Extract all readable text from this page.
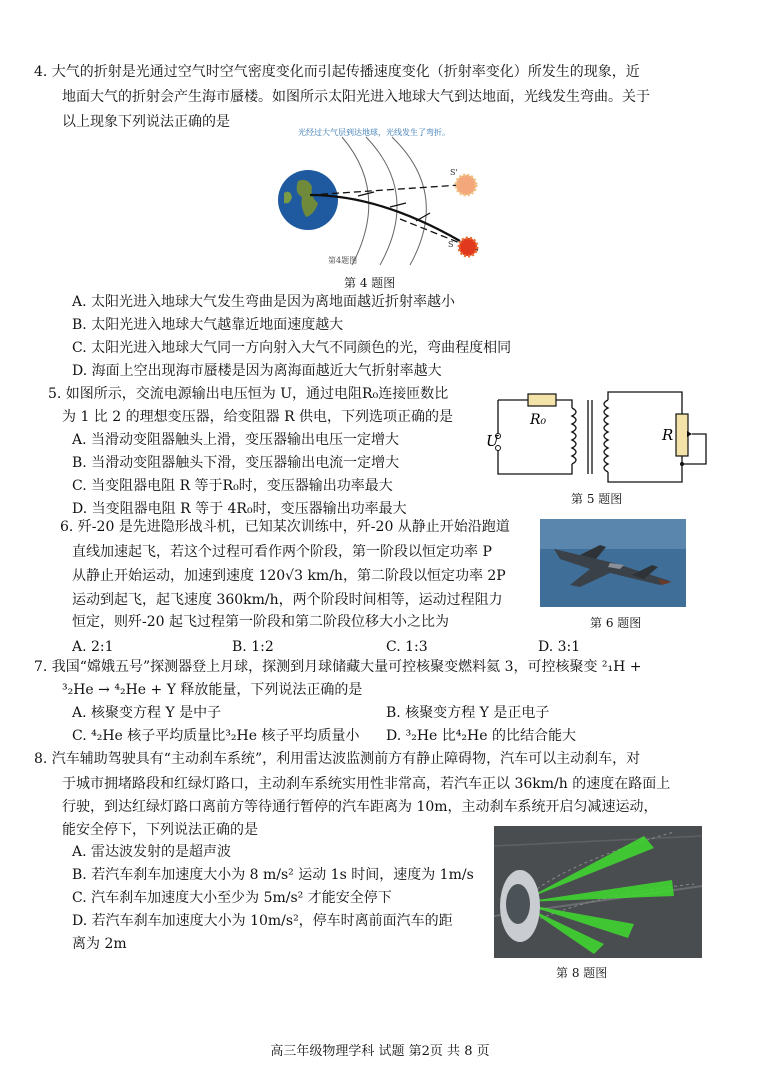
4. 大气的折射是光通过空气时空气密度变化而引起传播速度变化（折射率变化）所发生的现象，近
地面大气的折射会产生海市蜃楼。如图所示太阳光进入地球大气到达地面，光线发生弯曲。关于
以上现象下列说法正确的是
光经过大气层到达地球，光线发生了弯折。
S'
S
第4题图
第 4 题图
A. 太阳光进入地球大气发生弯曲是因为离地面越近折射率越小
B. 太阳光进入地球大气越靠近地面速度越大
C. 太阳光进入地球大气同一方向射入大气不同颜色的光，弯曲程度相同
D. 海面上空出现海市蜃楼是因为离海面越近大气折射率越大
5. 如图所示，交流电源输出电压恒为 U，通过电阻R₀连接匝数比
为 1 比 2 的理想变压器，给变阻器 R 供电，下列选项正确的是
A. 当滑动变阻器触头上滑，变压器输出电压一定增大
B. 当滑动变阻器触头下滑，变压器输出电流一定增大
C. 当变阻器电阻 R 等于R₀时，变压器输出功率最大
D. 当变阻器电阻 R 等于 4R₀时，变压器输出功率最大
R₀
U	R
第 5 题图
6. 歼-20 是先进隐形战斗机，已知某次训练中，歼-20 从静止开始沿跑道
直线加速起飞，若这个过程可看作两个阶段，第一阶段以恒定功率 P
从静止开始运动，加速到速度 120√3 km/h，第二阶段以恒定功率 2P
运动到起飞，起飞速度 360km/h，两个阶段时间相等，运动过程阻力
恒定，则歼-20 起飞过程第一阶段和第二阶段位移大小之比为
A. 2:1	B. 1:2	C. 1:3	D. 3:1
第 6 题图
7. 我国“嫦娥五号”探测器登上月球，探测到月球储藏大量可控核聚变燃料氦 3，可控核聚变 ²₁H +
³₂He → ⁴₂He + Y 释放能量，下列说法正确的是
A. 核聚变方程 Y 是中子	B. 核聚变方程 Y 是正电子
C. ⁴₂He 核子平均质量比³₂He 核子平均质量小 D. ³₂He 比⁴₂He 的比结合能大
8. 汽车辅助驾驶具有“主动刹车系统”，利用雷达波监测前方有静止障碍物，汽车可以主动刹车，对
于城市拥堵路段和红绿灯路口，主动刹车系统实用性非常高，若汽车正以 36km/h 的速度在路面上
行驶，到达红绿灯路口离前方等待通行暂停的汽车距离为 10m，主动刹车系统开启匀减速运动，
能安全停下，下列说法正确的是
A. 雷达波发射的是超声波
B. 若汽车刹车加速度大小为 8 m/s² 运动 1s 时间，速度为 1m/s
C. 汽车刹车加速度大小至少为 5m/s² 才能安全停下
D. 若汽车刹车加速度大小为 10m/s²，停车时离前面汽车的距
离为 2m
第 8 题图
高三年级物理学科 试题 第2页 共 8 页
